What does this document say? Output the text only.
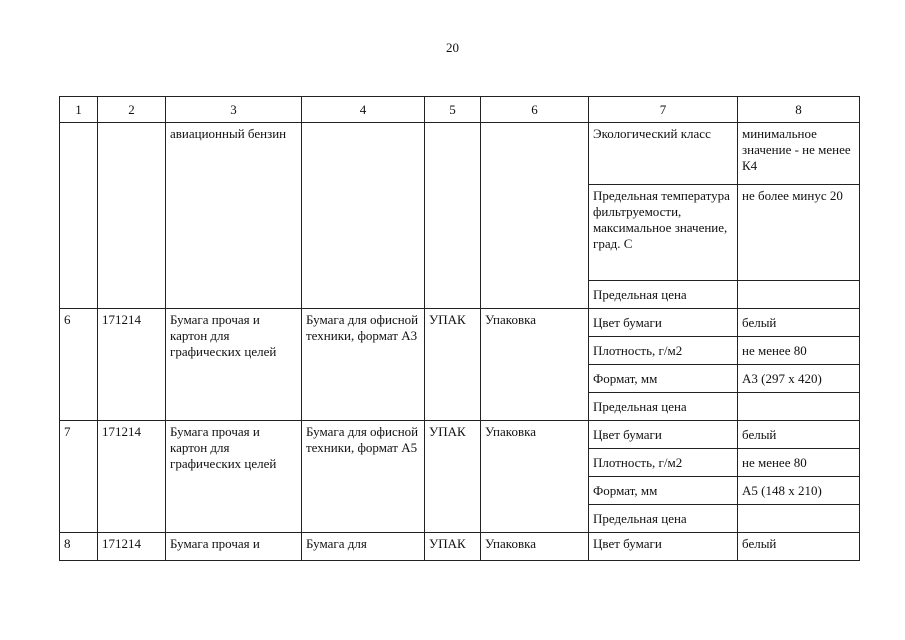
20
1	2	3	4	5	6	7	8
		авиационный бензин				Экологический класс	минимальное значение - не менее К4
						Предельная температура фильтруемости, максимальное значение, град. С	не более минус 20
						Предельная цена	
6	171214	Бумага прочая и картон для графических целей	Бумага для офисной техники, формат А3	УПАК	Упаковка	Цвет бумаги	белый
						Плотность, г/м2	не менее 80
						Формат, мм	А3 (297 х 420)
						Предельная цена	
7	171214	Бумага прочая и картон для графических целей	Бумага для офисной техники, формат А5	УПАК	Упаковка	Цвет бумаги	белый
						Плотность, г/м2	не менее 80
						Формат, мм	А5 (148 х 210)
						Предельная цена	
8	171214	Бумага прочая и	Бумага для	УПАК	Упаковка	Цвет бумаги	белый
